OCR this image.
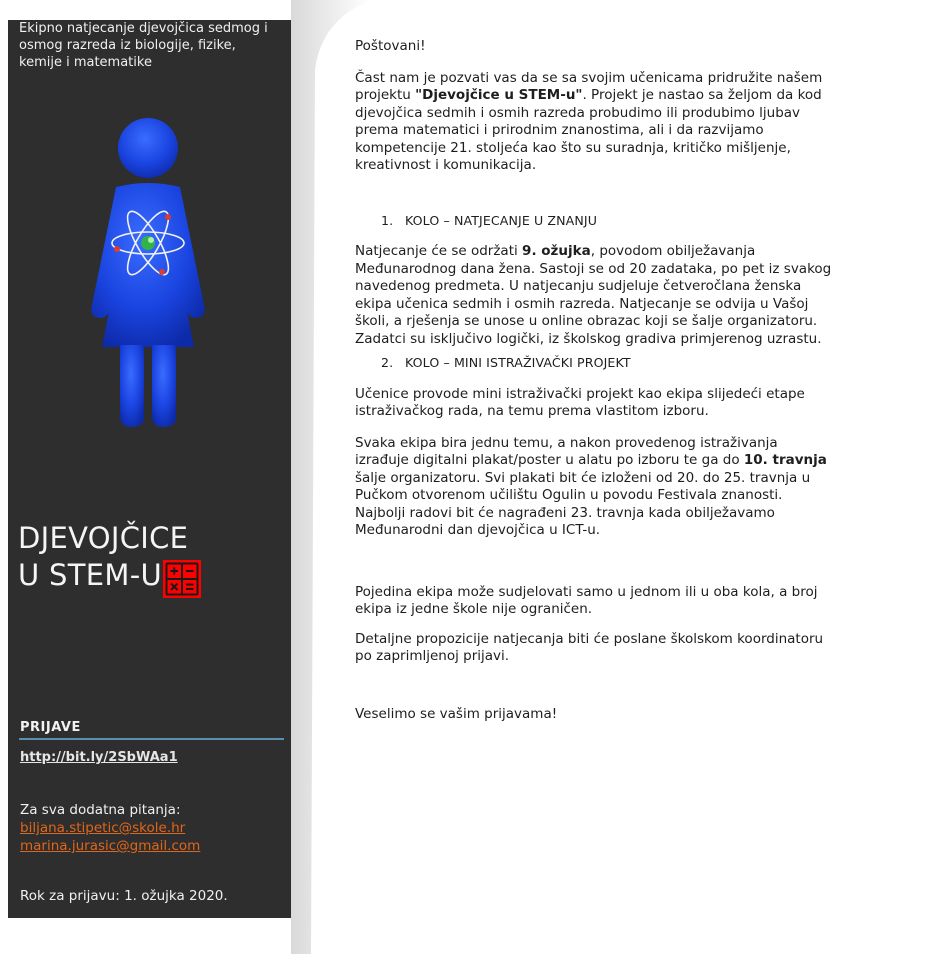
Ekipno natjecanje djevojčica sedmog i osmog razreda iz biologije, fizike, kemije i matematike

DJEVOJČICE
U STEM-U
PRIJAVE
http://bit.ly/2SbWAa1
Za sva dodatna pitanja:
biljana.stipetic@skole.hr
marina.jurasic@gmail.com
Rok za prijavu: 1. ožujka 2020.

Poštovani!

Čast nam je pozvati vas da se sa svojim učenicama pridružite našem projektu "Djevojčice u STEM-u". Projekt je nastao sa željom da kod djevojčica sedmih i osmih razreda probudimo ili produbimo ljubav prema matematici i prirodnim znanostima, ali i da razvijamo kompetencije 21. stoljeća kao što su suradnja, kritičko mišljenje, kreativnost i komunikacija.

1. KOLO – NATJECANJE U ZNANJU

Natjecanje će se održati 9. ožujka, povodom obilježavanja Međunarodnog dana žena. Sastoji se od 20 zadataka, po pet iz svakog navedenog predmeta. U natjecanju sudjeluje četveročlana ženska ekipa učenica sedmih i osmih razreda. Natjecanje se odvija u Vašoj školi, a rješenja se unose u online obrazac koji se šalje organizatoru. Zadatci su isključivo logički, iz školskog gradiva primjerenog uzrastu.

2. KOLO – MINI ISTRAŽIVAČKI PROJEKT

Učenice provode mini istraživački projekt kao ekipa slijedeći etape istraživačkog rada, na temu prema vlastitom izboru.

Svaka ekipa bira jednu temu, a nakon provedenog istraživanja izrađuje digitalni plakat/poster u alatu po izboru te ga do 10. travnja šalje organizatoru. Svi plakati bit će izloženi od 20. do 25. travnja u Pučkom otvorenom učilištu Ogulin u povodu Festivala znanosti. Najbolji radovi bit će nagrađeni 23. travnja kada obilježavamo Međunarodni dan djevojčica u ICT-u.

Pojedina ekipa može sudjelovati samo u jednom ili u oba kola, a broj ekipa iz jedne škole nije ograničen.

Detaljne propozicije natjecanja biti će poslane školskom koordinatoru po zaprimljenoj prijavi.

Veselimo se vašim prijavama!
